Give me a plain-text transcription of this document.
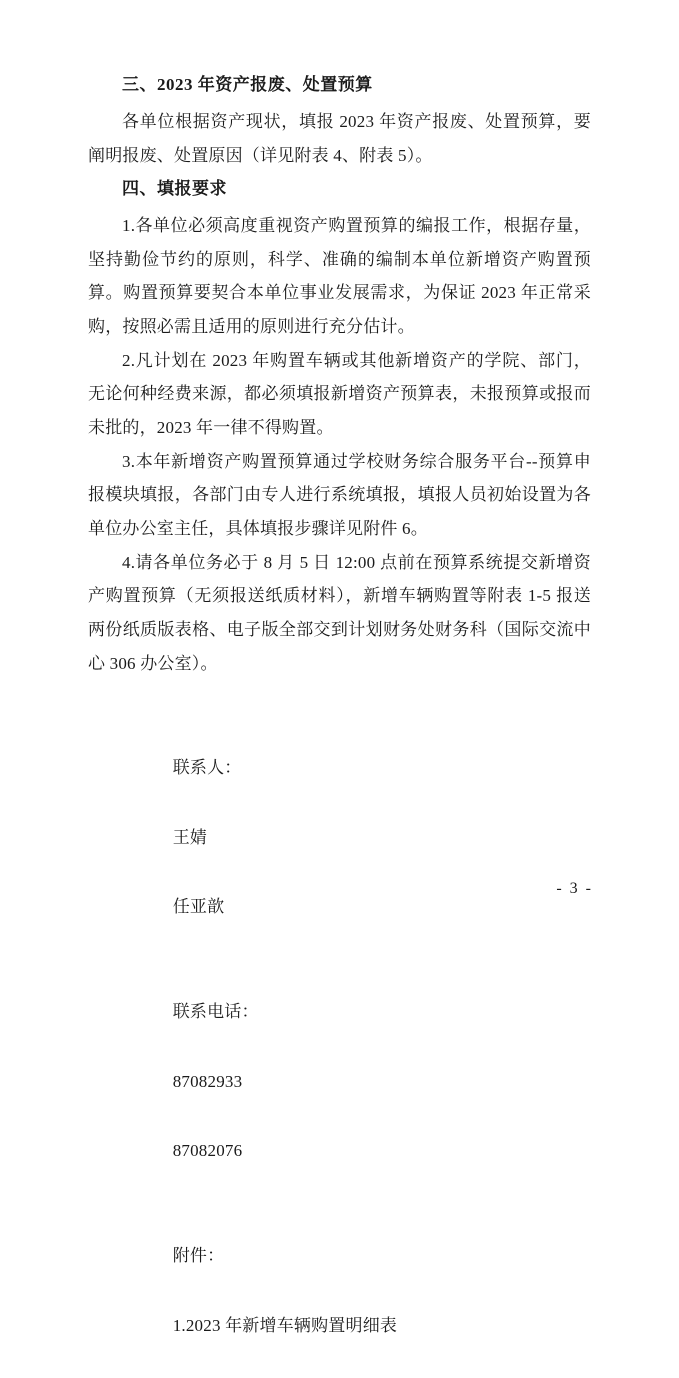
三、2023 年资产报废、处置预算

各单位根据资产现状，填报 2023 年资产报废、处置预算，要阐明报废、处置原因（详见附表 4、附表 5）。

四、填报要求

1.各单位必须高度重视资产购置预算的编报工作，根据存量，坚持勤俭节约的原则，科学、准确的编制本单位新增资产购置预算。购置预算要契合本单位事业发展需求，为保证 2023 年正常采购，按照必需且适用的原则进行充分估计。

2.凡计划在 2023 年购置车辆或其他新增资产的学院、部门，无论何种经费来源，都必须填报新增资产预算表，未报预算或报而未批的，2023 年一律不得购置。

3.本年新增资产购置预算通过学校财务综合服务平台--预算申报模块填报，各部门由专人进行系统填报，填报人员初始设置为各单位办公室主任，具体填报步骤详见附件 6。

4.请各单位务必于 8 月 5 日 12:00 点前在预算系统提交新增资产购置预算（无须报送纸质材料），新增车辆购置等附表 1-5 报送两份纸质版表格、电子版全部交到计划财务处财务科（国际交流中心 306 办公室）。

联系人：

王婧

任亚歆

联系电话：

87082933

87082076

附件：

1.2023 年新增车辆购置明细表

- 3 -
